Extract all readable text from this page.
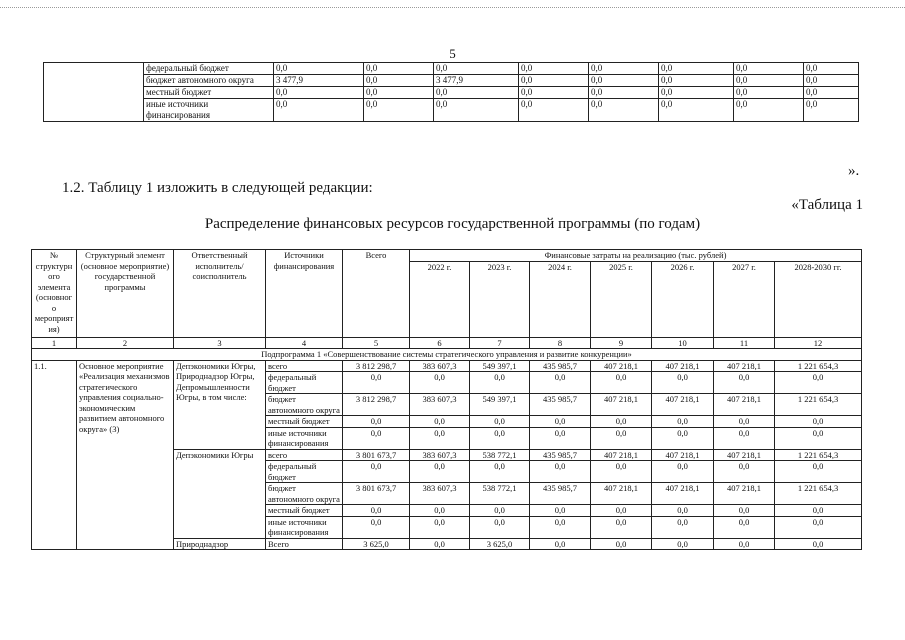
5
	федеральный бюджет	0,0	0,0	0,0	0,0	0,0	0,0	0,0	0,0
	бюджет автономного округа	3 477,9	0,0	3 477,9	0,0	0,0	0,0	0,0	0,0
	местный бюджет	0,0	0,0	0,0	0,0	0,0	0,0	0,0	0,0
	иные источники финансирования	0,0	0,0	0,0	0,0	0,0	0,0	0,0	0,0
».
1.2. Таблицу 1 изложить в следующей редакции:
«Таблица 1
Распределение финансовых ресурсов государственной программы (по годам)
№ структурного элемента (основного мероприятия)	Структурный элемент (основное мероприятие) государственной программы	Ответственный исполнитель/ соисполнитель	Источники финансирования	Всего	Финансовые затраты на реализацию (тыс. рублей)						
					2022 г.	2023 г.	2024 г.	2025 г.	2026 г.	2027 г.	2028-2030 гг.
1	2	3	4	5	6	7	8	9	10	11	12
Подпрограмма 1 «Совершенствование системы стратегического управления и развитие конкуренции»											
1.1.	Основное мероприятие «Реализация механизмов стратегического управления социально-экономическим развитием автономного округа» (3)	Депэкономики Югры, Природнадзор Югры, Депромышленности Югры, в том числе:	всего	3 812 298,7	383 607,3	549 397,1	435 985,7	407 218,1	407 218,1	407 218,1	1 221 654,3
			федеральный бюджет	0,0	0,0	0,0	0,0	0,0	0,0	0,0	0,0
			бюджет автономного округа	3 812 298,7	383 607,3	549 397,1	435 985,7	407 218,1	407 218,1	407 218,1	1 221 654,3
			местный бюджет	0,0	0,0	0,0	0,0	0,0	0,0	0,0	0,0
			иные источники финансирования	0,0	0,0	0,0	0,0	0,0	0,0	0,0	0,0
		Депэкономики Югры	всего	3 801 673,7	383 607,3	538 772,1	435 985,7	407 218,1	407 218,1	407 218,1	1 221 654,3
			федеральный бюджет	0,0	0,0	0,0	0,0	0,0	0,0	0,0	0,0
			бюджет автономного округа	3 801 673,7	383 607,3	538 772,1	435 985,7	407 218,1	407 218,1	407 218,1	1 221 654,3
			местный бюджет	0,0	0,0	0,0	0,0	0,0	0,0	0,0	0,0
			иные источники финансирования	0,0	0,0	0,0	0,0	0,0	0,0	0,0	0,0
		Природнадзор	Всего	3 625,0	0,0	3 625,0	0,0	0,0	0,0	0,0	0,0
